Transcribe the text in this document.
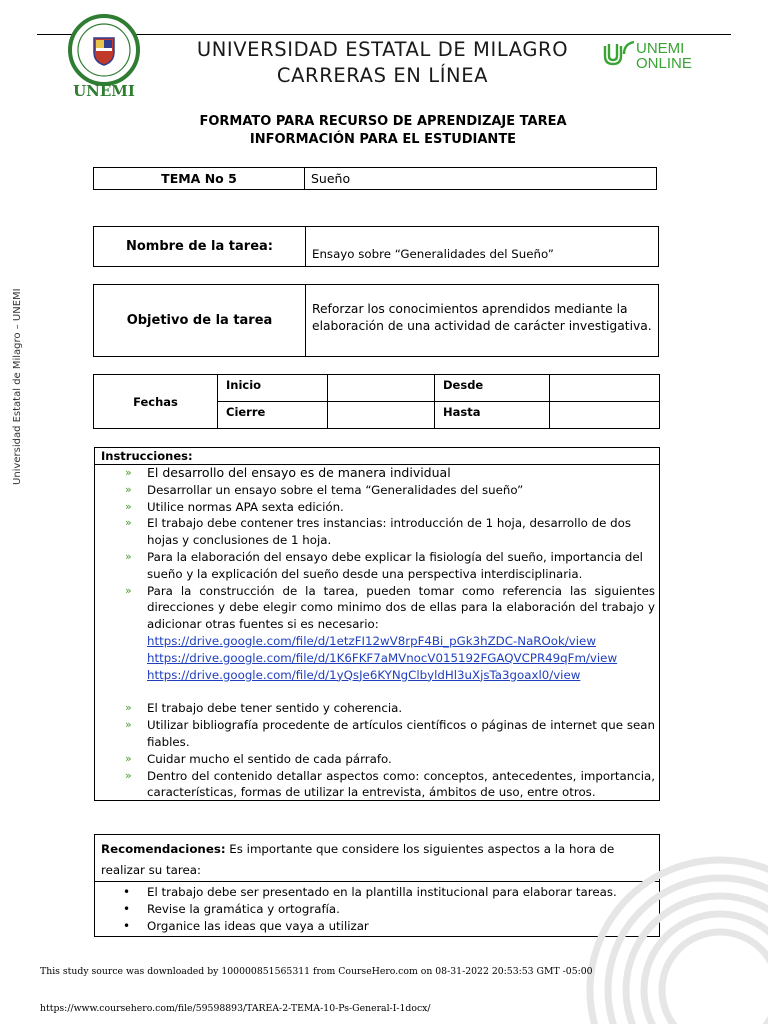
UNEMI
UNIVERSIDAD ESTATAL DE MILAGRO
CARRERAS EN LÍNEA
UNEMI
ONLINE
FORMATO PARA RECURSO DE APRENDIZAJE TAREA
INFORMACIÓN PARA EL ESTUDIANTE
Universidad Estatal de Milagro – UNEMI
TEMA No 5	Sueño
Nombre de la tarea:	Ensayo sobre “Generalidades del Sueño”
Objetivo de la tarea	Reforzar los conocimientos aprendidos mediante la elaboración de una actividad de carácter investigativa.
Fechas	Inicio		Desde	
	Cierre		Hasta	
Instrucciones:
» El desarrollo del ensayo es de manera individual
» Desarrollar un ensayo sobre el tema “Generalidades del sueño”
» Utilice normas APA sexta edición.
» El trabajo debe contener tres instancias: introducción de 1 hoja, desarrollo de dos hojas y conclusiones de 1 hoja.
» Para la elaboración del ensayo debe explicar la fisiología del sueño, importancia del sueño y la explicación del sueño desde una perspectiva interdisciplinaria.
» Para la construcción de la tarea, pueden tomar como referencia las siguientes direcciones y debe elegir como minimo dos de ellas para la elaboración del trabajo y adicionar otras fuentes si es necesario:
https://drive.google.com/file/d/1etzFI12wV8rpF4Bi_pGk3hZDC-NaROok/view
https://drive.google.com/file/d/1K6FKF7aMVnocV015192FGAQVCPR49qFm/view
https://drive.google.com/file/d/1yQsJe6KYNgClbyldHl3uXjsTa3goaxl0/view
» El trabajo debe tener sentido y coherencia.
» Utilizar bibliografía procedente de artículos científicos o páginas de internet que sean fiables.
» Cuidar mucho el sentido de cada párrafo.
» Dentro del contenido detallar aspectos como: conceptos, antecedentes, importancia, características, formas de utilizar la entrevista, ámbitos de uso, entre otros.
Recomendaciones: Es importante que considere los siguientes aspectos a la hora de realizar su tarea:
• El trabajo debe ser presentado en la plantilla institucional para elaborar tareas.
• Revise la gramática y ortografía.
• Organice las ideas que vaya a utilizar
This study source was downloaded by 100000851565311 from CourseHero.com on 08-31-2022 20:53:53 GMT -05:00
https://www.coursehero.com/file/59598893/TAREA-2-TEMA-10-Ps-General-I-1docx/
